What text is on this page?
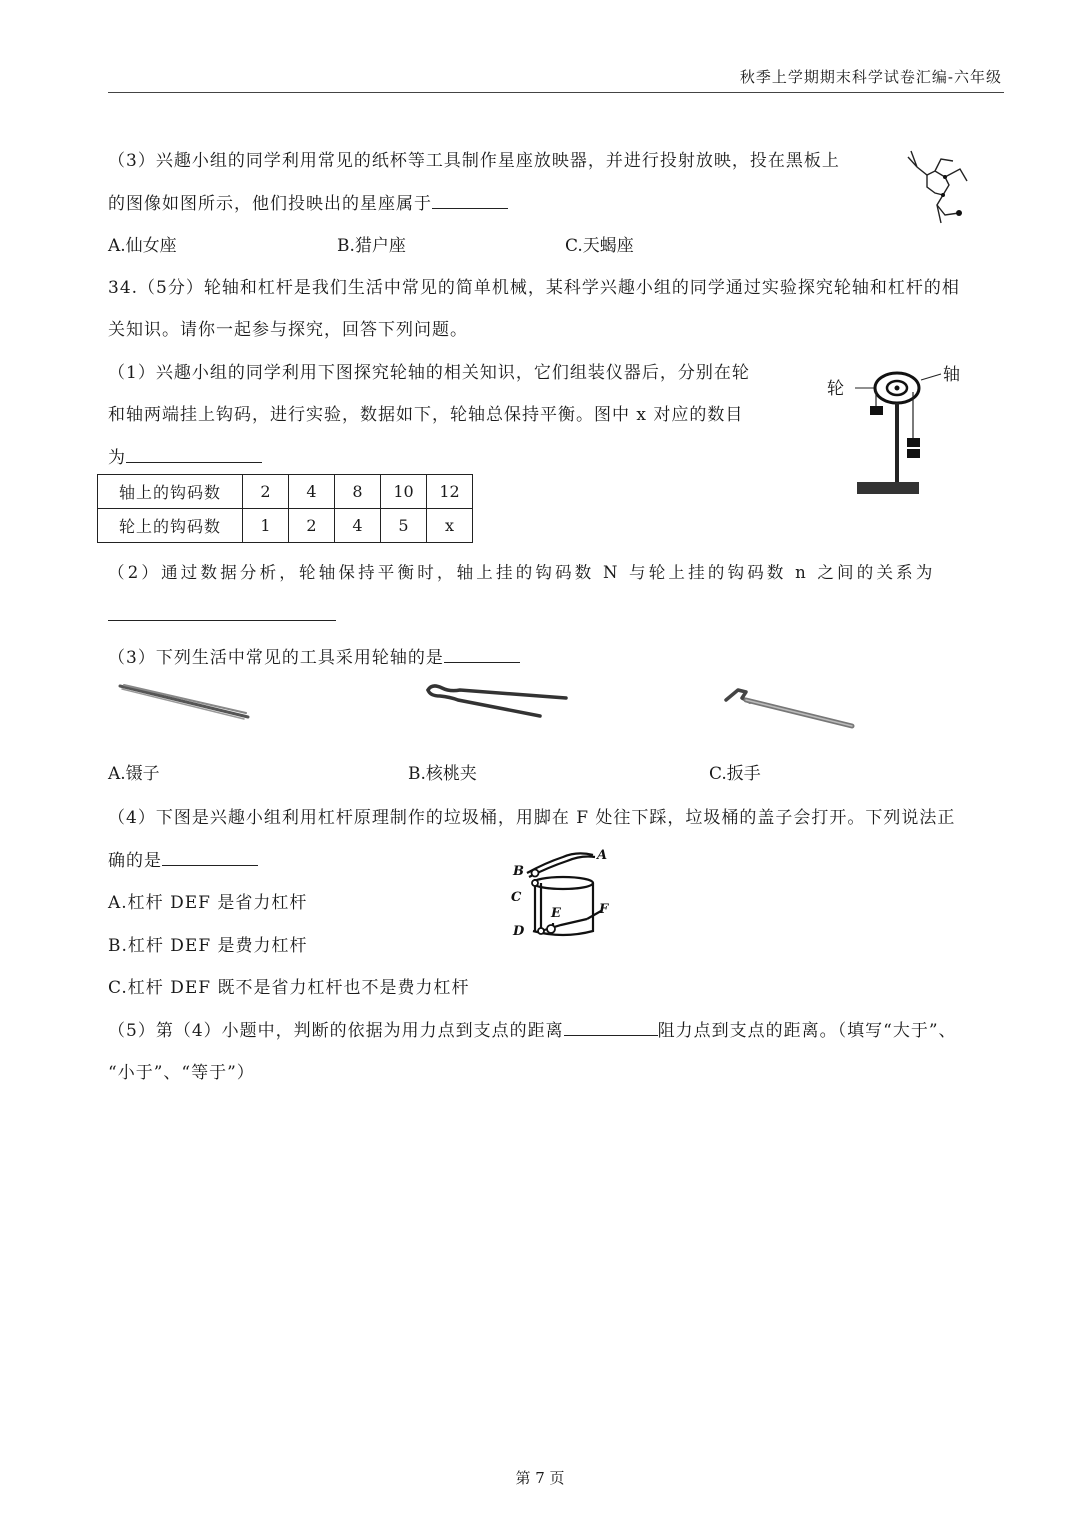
秋季上学期期末科学试卷汇编-六年级
（3）兴趣小组的同学利用常见的纸杯等工具制作星座放映器，并进行投射放映，投在黑板上
的图像如图所示，他们投映出的星座属于
A.仙女座	B.猎户座	C.天蝎座
34.（5分）轮轴和杠杆是我们生活中常见的简单机械，某科学兴趣小组的同学通过实验探究轮轴和杠杆的相
关知识。请你一起参与探究，回答下列问题。
（1）兴趣小组的同学利用下图探究轮轴的相关知识，它们组装仪器后，分别在轮
和轴两端挂上钩码，进行实验，数据如下，轮轴总保持平衡。图中 x 对应的数目
为
轮
轴
轴上的钩码数	2	4	8	10	12
轮上的钩码数	1	2	4	5	x
（2）通过数据分析，轮轴保持平衡时，轴上挂的钩码数 N 与轮上挂的钩码数 n 之间的关系为
（3）下列生活中常见的工具采用轮轴的是
A.镊子	B.核桃夹	C.扳手
（4）下图是兴趣小组利用杠杆原理制作的垃圾桶，用脚在 F 处往下踩，垃圾桶的盖子会打开。下列说法正
确的是	A
B
C
D
E	F
A.杠杆 DEF 是省力杠杆
B.杠杆 DEF 是费力杠杆
C.杠杆 DEF 既不是省力杠杆也不是费力杠杆
（5）第（4）小题中，判断的依据为用力点到支点的距离	阻力点到支点的距离。（填写“大于”、
“小于”、“等于”）
第 7 页
